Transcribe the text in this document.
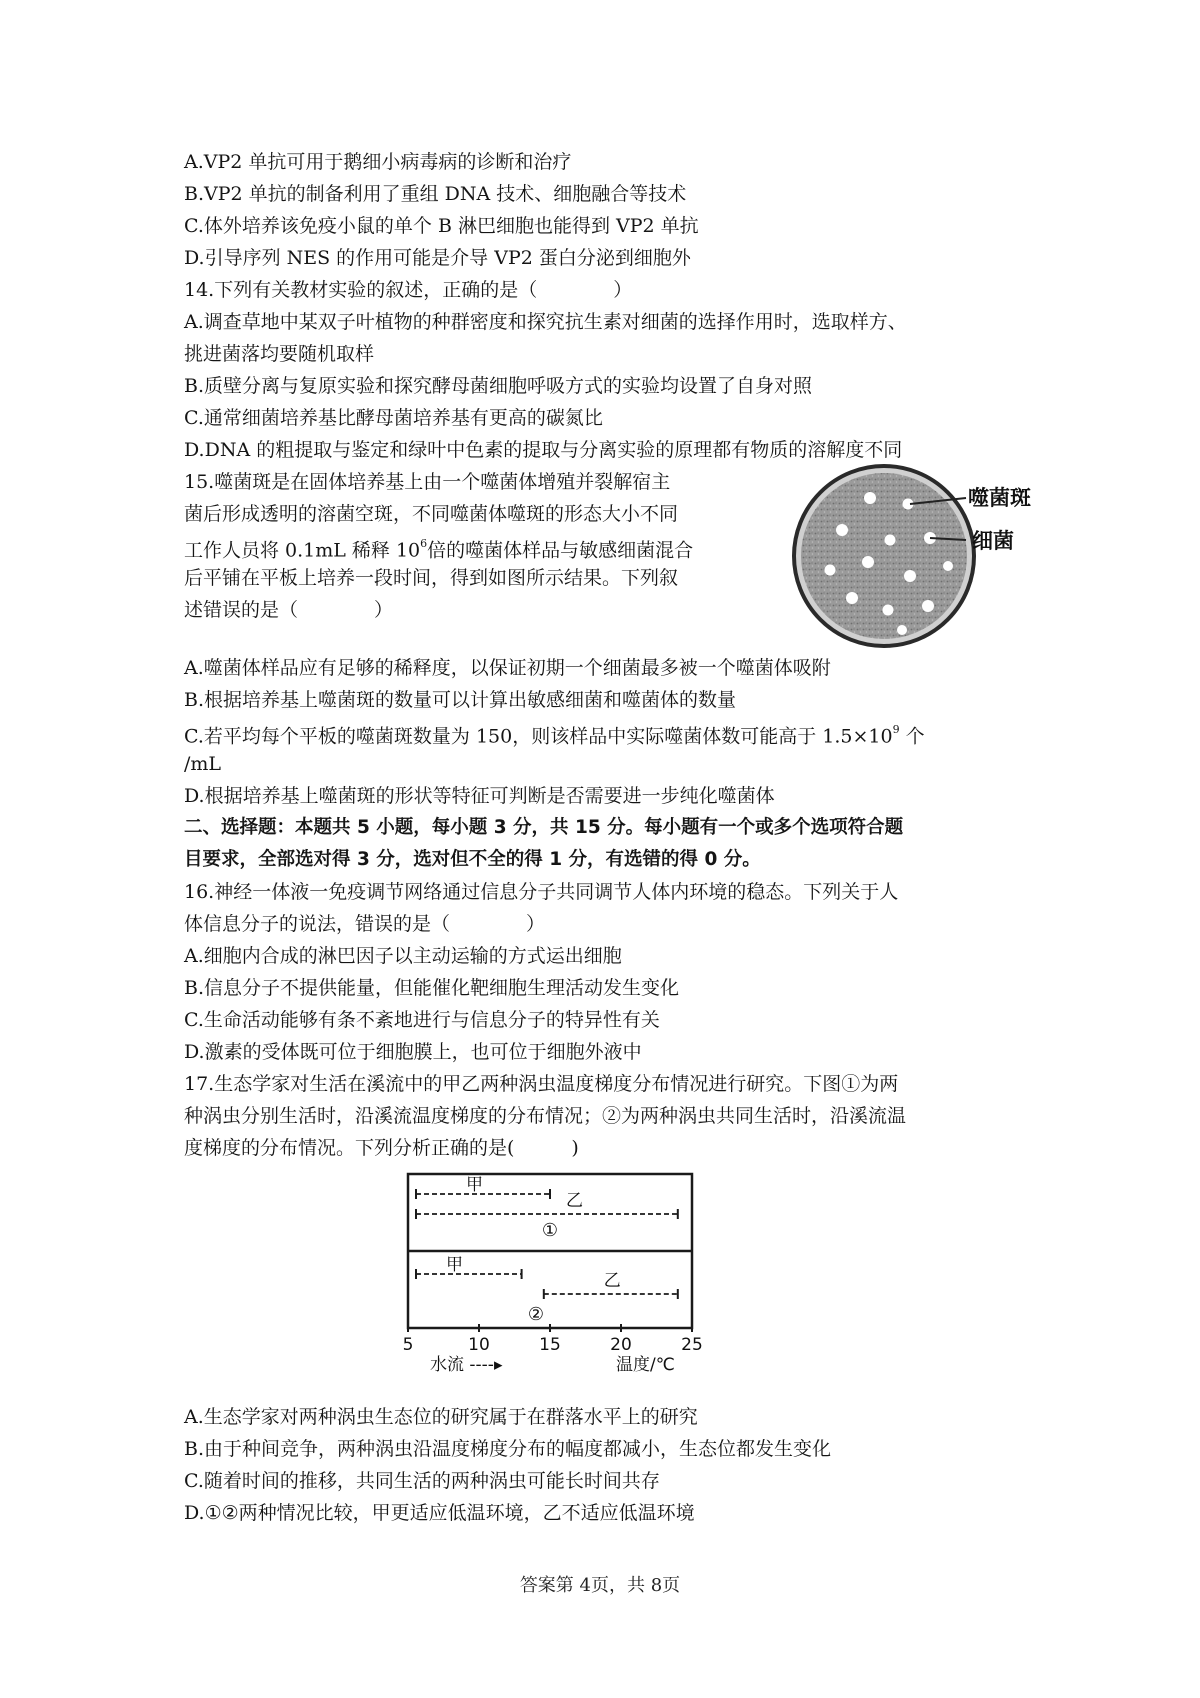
A.VP2 单抗可用于鹅细小病毒病的诊断和治疗
B.VP2 单抗的制备利用了重组 DNA 技术、细胞融合等技术
C.体外培养该免疫小鼠的单个 B 淋巴细胞也能得到 VP2 单抗
D.引导序列 NES 的作用可能是介导 VP2 蛋白分泌到细胞外
14.下列有关教材实验的叙述，正确的是（　　　　）
A.调查草地中某双子叶植物的种群密度和探究抗生素对细菌的选择作用时，选取样方、
挑进菌落均要随机取样
B.质壁分离与复原实验和探究酵母菌细胞呼吸方式的实验均设置了自身对照
C.通常细菌培养基比酵母菌培养基有更高的碳氮比
D.DNA 的粗提取与鉴定和绿叶中色素的提取与分离实验的原理都有物质的溶解度不同
15.噬菌斑是在固体培养基上由一个噬菌体增殖并裂解宿主
菌后形成透明的溶菌空斑，不同噬菌体噬斑的形态大小不同
工作人员将 0.1mL 稀释 $10^6$倍的噬菌体样品与敏感细菌混合
后平铺在平板上培养一段时间，得到如图所示结果。下列叙
述错误的是（　　　　）
噬菌斑
细菌
A.噬菌体样品应有足够的稀释度，以保证初期一个细菌最多被一个噬菌体吸附
B.根据培养基上噬菌斑的数量可以计算出敏感细菌和噬菌体的数量
C.若平均每个平板的噬菌斑数量为 150，则该样品中实际噬菌体数可能高于 $1.5\times 10^9$ 个
/mL
D.根据培养基上噬菌斑的形状等特征可判断是否需要进一步纯化噬菌体
二、选择题：本题共 5 小题，每小题 3 分，共 15 分。每小题有一个或多个选项符合题
目要求，全部选对得 3 分，选对但不全的得 1 分，有选错的得 0 分。
16.神经一体液一免疫调节网络通过信息分子共同调节人体内环境的稳态。下列关于人
体信息分子的说法，错误的是（　　　　）
A.细胞内合成的淋巴因子以主动运输的方式运出细胞
B.信息分子不提供能量，但能催化靶细胞生理活动发生变化
C.生命活动能够有条不紊地进行与信息分子的特异性有关
D.激素的受体既可位于细胞膜上，也可位于细胞外液中
17.生态学家对生活在溪流中的甲乙两种涡虫温度梯度分布情况进行研究。下图①为两
种涡虫分别生活时，沿溪流温度梯度的分布情况；②为两种涡虫共同生活时，沿溪流温
度梯度的分布情况。下列分析正确的是(　　　)
甲
乙
甲
乙
①
②
5	10	15	20	25
水流 ----▸	温度/℃
A.生态学家对两种涡虫生态位的研究属于在群落水平上的研究
B.由于种间竞争，两种涡虫沿温度梯度分布的幅度都减小，生态位都发生变化
C.随着时间的推移，共同生活的两种涡虫可能长时间共存
D.①②两种情况比较，甲更适应低温环境，乙不适应低温环境
答案第 4页，共 8页
